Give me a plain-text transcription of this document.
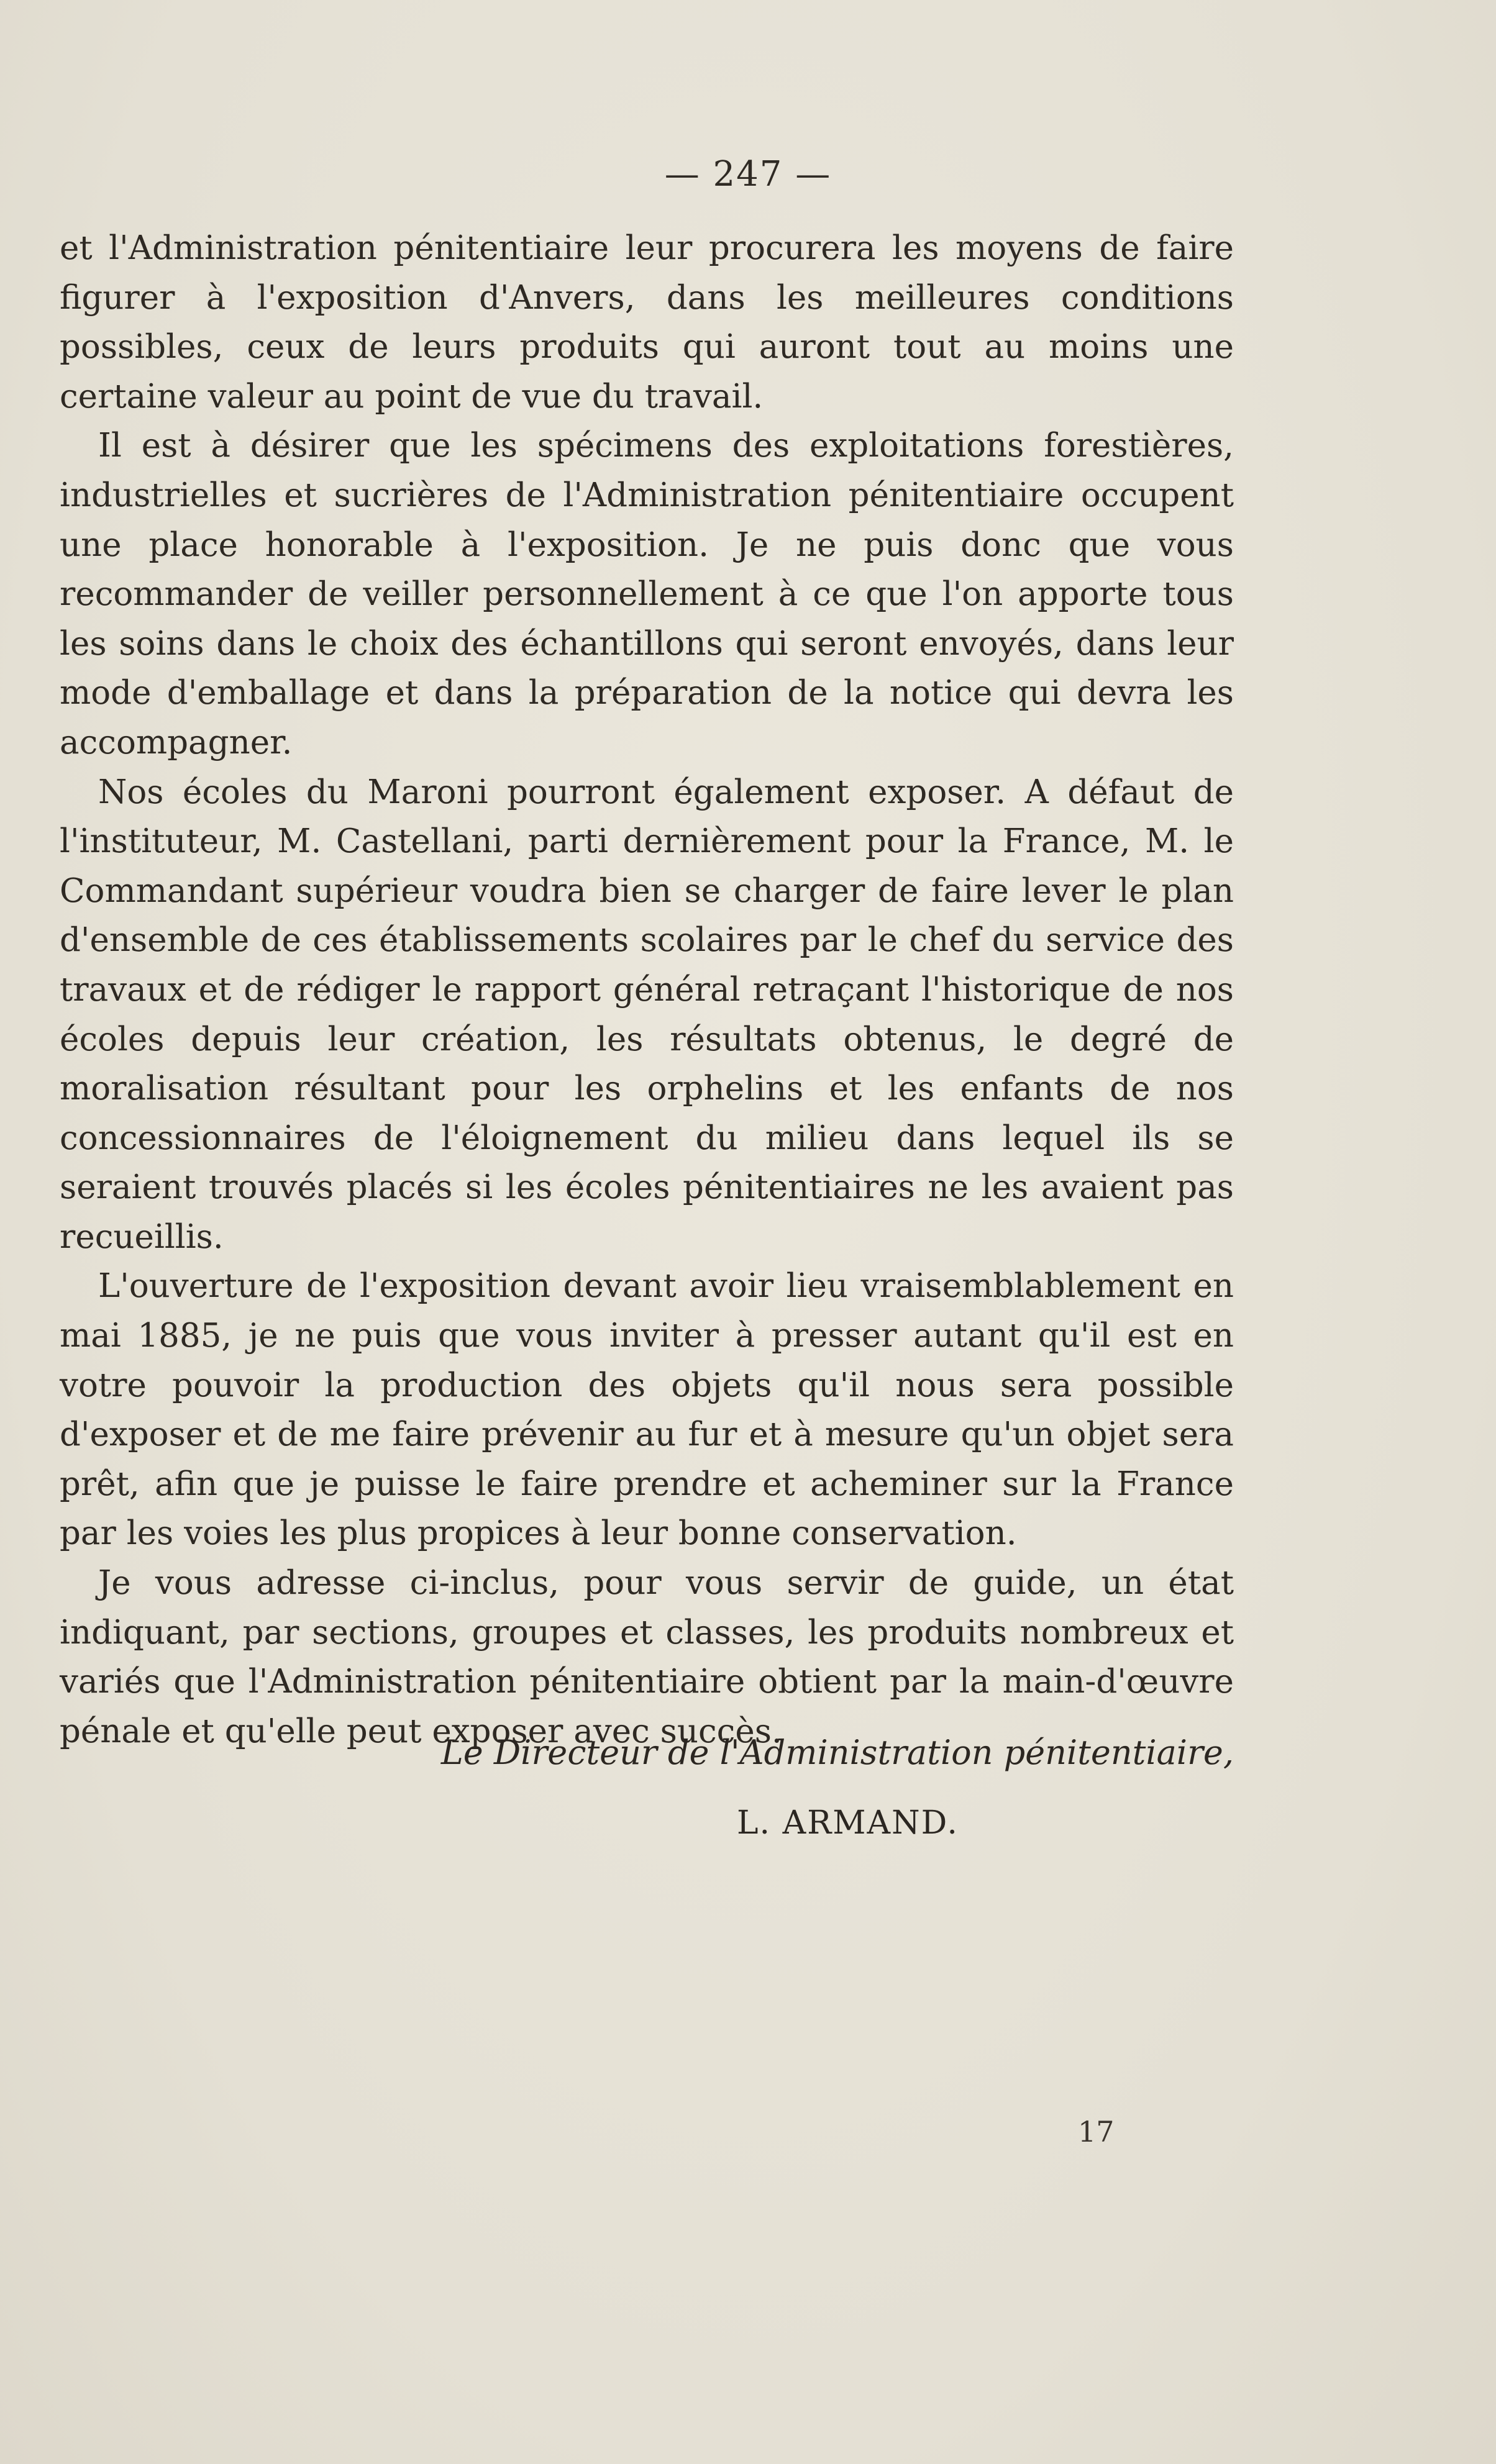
— 247 —

et l'Administration pénitentiaire leur procurera les moyens de faire figurer à l'exposition d'Anvers, dans les meilleures conditions possibles, ceux de leurs produits qui auront tout au moins une certaine valeur au point de vue du travail.

Il est à désirer que les spécimens des exploitations forestières, industrielles et sucrières de l'Administration pénitentiaire occupent une place honorable à l'exposition. Je ne puis donc que vous recommander de veiller personnellement à ce que l'on apporte tous les soins dans le choix des échantillons qui seront envoyés, dans leur mode d'emballage et dans la préparation de la notice qui devra les accompagner.

Nos écoles du Maroni pourront également exposer. A défaut de l'instituteur, M. Castellani, parti dernièrement pour la France, M. le Commandant supérieur voudra bien se charger de faire lever le plan d'ensemble de ces établissements scolaires par le chef du service des travaux et de rédiger le rapport général retraçant l'historique de nos écoles depuis leur création, les résultats obtenus, le degré de moralisation résultant pour les orphelins et les enfants de nos concessionnaires de l'éloignement du milieu dans lequel ils se seraient trouvés placés si les écoles pénitentiaires ne les avaient pas recueillis.

L'ouverture de l'exposition devant avoir lieu vraisemblablement en mai 1885, je ne puis que vous inviter à presser autant qu'il est en votre pouvoir la production des objets qu'il nous sera possible d'exposer et de me faire prévenir au fur et à mesure qu'un objet sera prêt, afin que je puisse le faire prendre et acheminer sur la France par les voies les plus propices à leur bonne conservation.

Je vous adresse ci-inclus, pour vous servir de guide, un état indiquant, par sections, groupes et classes, les produits nombreux et variés que l'Administration pénitentiaire obtient par la main-d'œuvre pénale et qu'elle peut exposer avec succès.

Le Directeur de l'Administration pénitentiaire,
L. ARMAND.
17
